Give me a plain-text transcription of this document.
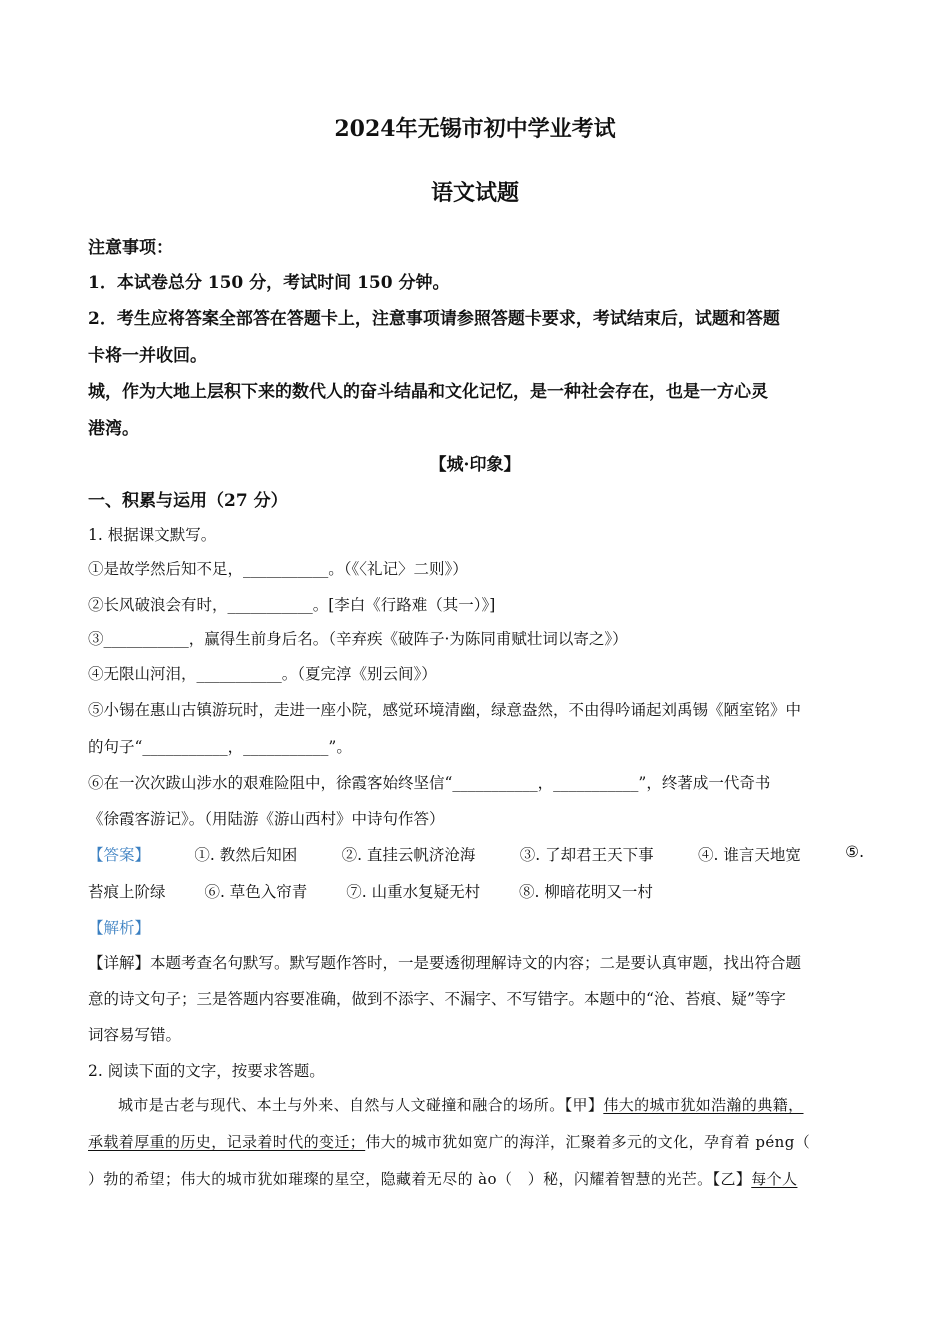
2024年无锡市初中学业考试
语文试题
注意事项：
1．本试卷总分 150 分，考试时间 150 分钟。
2．考生应将答案全部答在答题卡上，注意事项请参照答题卡要求，考试结束后，试题和答题
卡将一并收回。
城，作为大地上层积下来的数代人的奋斗结晶和文化记忆，是一种社会存在，也是一方心灵
港湾。
【城·印象】
一、积累与运用（27 分）
1. 根据课文默写。
①是故学然后知不足，___________。（《〈礼记〉二则》）
②长风破浪会有时，___________。[李白《行路难（其一）》]
③___________，赢得生前身后名。（辛弃疾《破阵子·为陈同甫赋壮词以寄之》）
④无限山河泪，___________。（夏完淳《别云间》）
⑤小锡在惠山古镇游玩时，走进一座小院，感觉环境清幽，绿意盎然，不由得吟诵起刘禹锡《陋室铭》中
的句子“___________，___________”。
⑥在一次次跋山涉水的艰难险阻中，徐霞客始终坚信“___________，___________”，终著成一代奇书
《徐霞客游记》。（用陆游《游山西村》中诗句作答）
【答案】	①. 教然后知困	②. 直挂云帆济沧海	③. 了却君王天下事	④. 谁言天地宽	⑤.
苔痕上阶绿	⑥. 草色入帘青	⑦. 山重水复疑无村	⑧. 柳暗花明又一村
【解析】
【详解】本题考查名句默写。默写题作答时，一是要透彻理解诗文的内容；二是要认真审题，找出符合题
意的诗文句子；三是答题内容要准确，做到不添字、不漏字、不写错字。本题中的“沧、苔痕、疑”等字
词容易写错。
2. 阅读下面的文字，按要求答题。
城市是古老与现代、本土与外来、自然与人文碰撞和融合的场所。【甲】伟大的城市犹如浩瀚的典籍，
承载着厚重的历史，记录着时代的变迁；伟大的城市犹如宽广的海洋，汇聚着多元的文化，孕育着 péng（
）勃的希望；伟大的城市犹如璀璨的星空，隐藏着无尽的 ào（　）秘，闪耀着智慧的光芒。【乙】每个人
